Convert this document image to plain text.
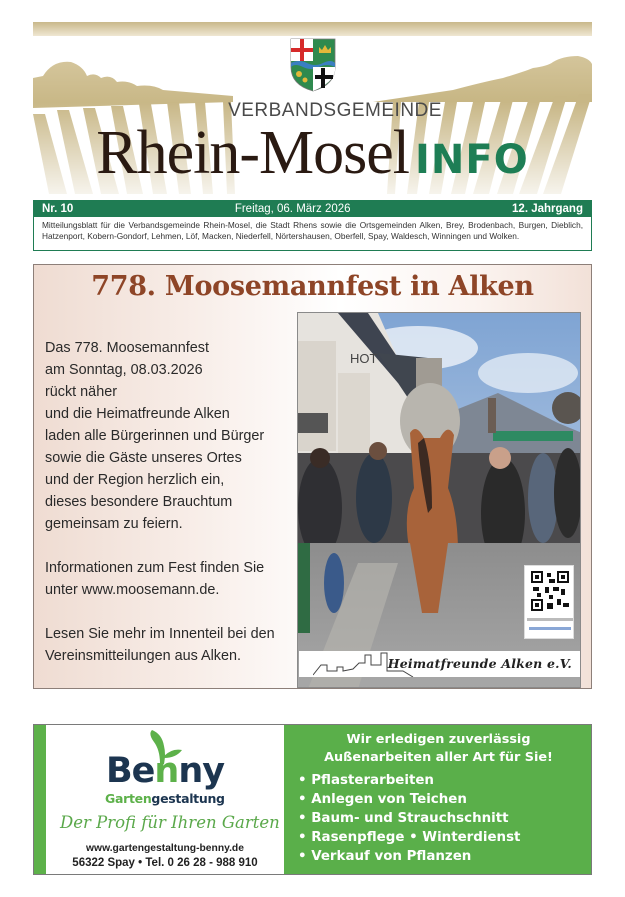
VERBANDSGEMEINDE
Rhein-Mosel INFO
Nr. 10	Freitag, 06. März 2026	12. Jahrgang
Mitteilungsblatt für die Verbandsgemeinde Rhein-Mosel, die Stadt Rhens sowie die Ortsgemeinden Alken, Brey, Brodenbach, Burgen, Dieblich, Hatzenport, Kobern-Gondorf, Lehmen, Löf, Macken, Niederfell, Nörtershausen, Oberfell, Spay, Waldesch, Winningen und Wolken.
778. Moosemannfest in Alken

Das 778. Moosemannfest
am Sonntag, 08.03.2026
rückt näher
und die Heimatfreunde Alken
laden alle Bürgerinnen und Bürger
sowie die Gäste unseres Ortes
und der Region herzlich ein,
dieses besondere Brauchtum
gemeinsam zu feiern.

Informationen zum Fest finden Sie
unter www.moosemann.de.

Lesen Sie mehr im Innenteil bei den
Vereinsmitteilungen aus Alken.

HOT
Heimatfreunde Alken e.V.
Benny
Gartengestaltung
Der Profi für Ihren Garten
www.gartengestaltung-benny.de
56322 Spay • Tel. 0 26 28 - 988 910
Wir erledigen zuverlässig
Außenarbeiten aller Art für Sie!
• Pflasterarbeiten
• Anlegen von Teichen
• Baum- und Strauchschnitt
• Rasenpflege • Winterdienst
• Verkauf von Pflanzen
